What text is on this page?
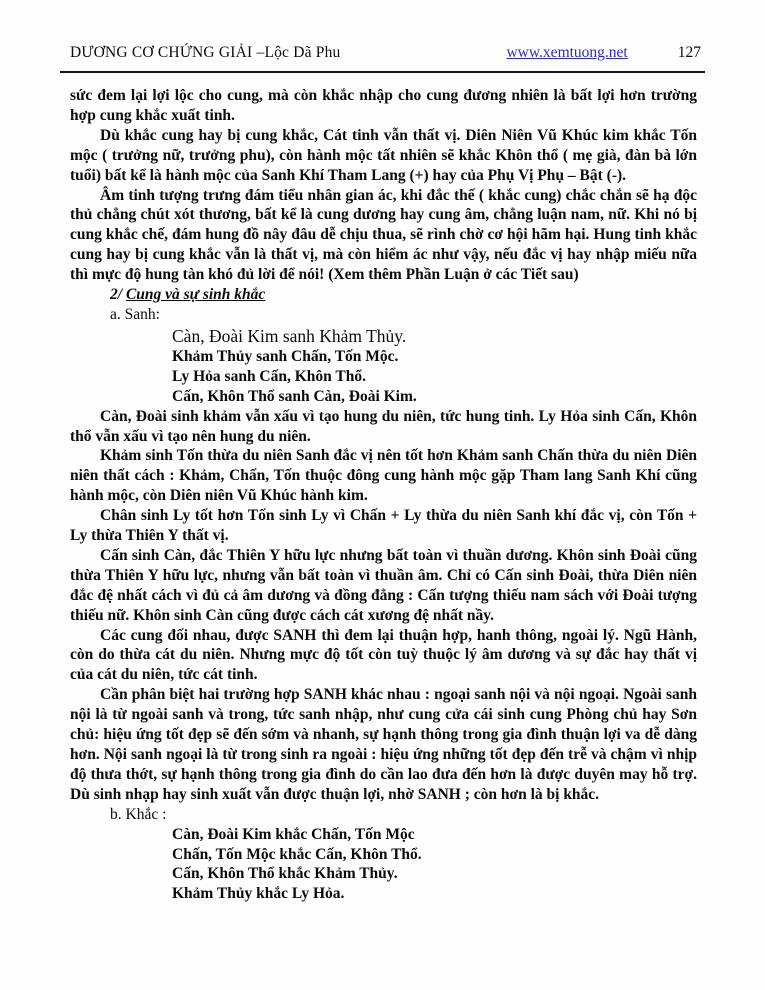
DƯƠNG CƠ CHỨNG GIẢI –Lộc Dã Phu	www.xemtuong.net	127

sức đem lại lợi lộc cho cung, mà còn khắc nhập cho cung đương nhiên là bất lợi hơn trường hợp cung khắc xuất tinh.

Dù khắc cung hay bị cung khắc, Cát tinh vẫn thất vị. Diên Niên Vũ Khúc kim khắc Tốn mộc ( trưởng nữ, trưởng phu), còn hành mộc tất nhiên sẽ khắc Khôn thổ ( mẹ già, đàn bà lớn tuổi) bất kể là hành mộc của Sanh Khí Tham Lang (+) hay của Phụ Vị Phụ – Bật (-).

Âm tinh tượng trưng đám tiểu nhân gian ác, khi đắc thế ( khắc cung) chắc chắn sẽ hạ độc thủ chẳng chút xót thương, bất kể là cung dương hay cung âm, chẳng luận nam, nữ. Khi nó bị cung khắc chế, đám hung đồ nây đâu dễ chịu thua, sẽ rình chờ cơ hội hãm hại. Hung tinh khắc cung hay bị cung khắc vẫn là thất vị, mà còn hiểm ác như vậy, nếu đắc vị hay nhập miếu nữa thì mực độ hung tàn khó đủ lời để nói! (Xem thêm Phần Luận ở các Tiết sau)

2/ Cung và sự sinh khắc

a. Sanh:

Càn, Đoài Kim sanh Khảm Thủy.

Khảm Thủy sanh Chấn, Tốn Mộc.

Ly Hỏa sanh Cấn, Khôn Thổ.

Cấn, Khôn Thổ sanh Càn, Đoài Kim.

Càn, Đoài sinh khảm vẫn xấu vì tạo hung du niên, tức hung tinh. Ly Hỏa sinh Cấn, Khôn thổ vẫn xấu vì tạo nên hung du niên.

Khảm sinh Tốn thừa du niên Sanh đắc vị nên tốt hơn Khảm sanh Chấn thừa du niên Diên niên thất cách : Khảm, Chấn, Tốn thuộc đông cung hành mộc gặp Tham lang Sanh Khí cũng hành mộc, còn Diên niên Vũ Khúc hành kim.

Chân sinh Ly tốt hơn Tốn sinh Ly vì Chấn + Ly thừa du niên Sanh khí đắc vị, còn Tốn + Ly thừa Thiên Y thất vị.

Cấn sinh Càn, đắc Thiên Y hữu lực nhưng bất toàn vì thuần dương. Khôn sinh Đoài cũng thừa Thiên Y hữu lực, nhưng vẫn bất toàn vì thuần âm. Chỉ có Cấn sinh Đoài, thừa Diên niên đắc đệ nhất cách vì đủ cả âm dương và đồng đẳng : Cấn tượng thiếu nam sách với Đoài tượng thiếu nữ. Khôn sinh Càn cũng được cách cát xương đệ nhất nầy.

Các cung đối nhau, được SANH thì đem lại thuận hợp, hanh thông, ngoài lý. Ngũ Hành, còn do thừa cát du niên. Nhưng mực độ tốt còn tuỳ thuộc lý âm dương và sự đắc hay thất vị của cát du niên, tức cát tinh.

Cần phân biệt hai trường hợp SANH khác nhau : ngoại sanh nội và nội ngoại. Ngoài sanh nội là từ ngoài sanh và trong, tức sanh nhập, như cung cửa cái sinh cung Phòng chủ hay Sơn chủ: hiệu ứng tốt đẹp sẽ đến sớm và nhanh, sự hạnh thông trong gia đình thuận lợi va dễ dàng hơn. Nội sanh ngoại là từ trong sinh ra ngoài : hiệu ứng những tốt đẹp đến trễ và chậm vì nhịp độ thưa thớt, sự hạnh thông trong gia đình do cần lao đưa đến hơn là được duyên may hỗ trợ. Dù sinh nhạp hay sinh xuất vẫn được thuận lợi, nhờ SANH ; còn hơn là bị khắc.

b. Khắc :

Càn, Đoài Kim khắc Chấn, Tốn Mộc

Chấn, Tốn Mộc khắc Cấn, Khôn Thổ.

Cấn, Khôn Thổ khắc Khảm Thủy.

Khảm Thủy khắc Ly Hỏa.
